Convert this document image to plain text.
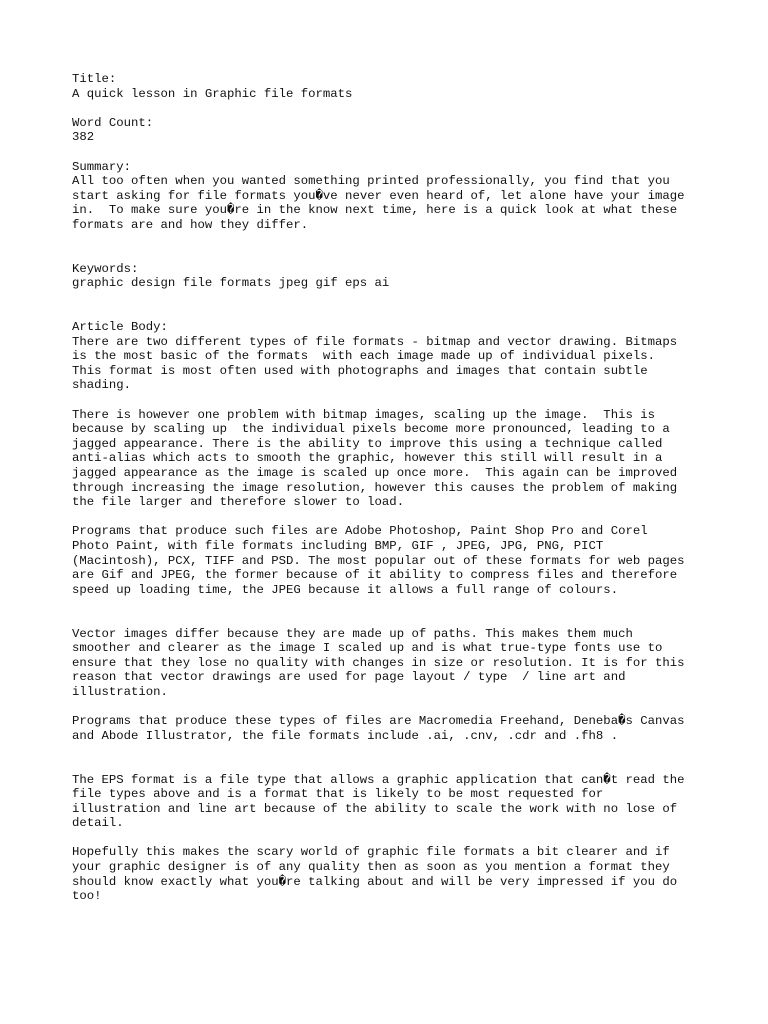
Title:
A quick lesson in Graphic file formats
Word Count:
382
Summary:
All too often when you wanted something printed professionally, you find that you
start asking for file formats you�ve never even heard of, let alone have your image
in.  To make sure you�re in the know next time, here is a quick look at what these
formats are and how they differ.
Keywords:
graphic design file formats jpeg gif eps ai
Article Body:
There are two different types of file formats - bitmap and vector drawing. Bitmaps
is the most basic of the formats  with each image made up of individual pixels.
This format is most often used with photographs and images that contain subtle
shading.
There is however one problem with bitmap images, scaling up the image.  This is
because by scaling up  the individual pixels become more pronounced, leading to a
jagged appearance. There is the ability to improve this using a technique called
anti-alias which acts to smooth the graphic, however this still will result in a
jagged appearance as the image is scaled up once more.  This again can be improved
through increasing the image resolution, however this causes the problem of making
the file larger and therefore slower to load.
Programs that produce such files are Adobe Photoshop, Paint Shop Pro and Corel
Photo Paint, with file formats including BMP, GIF , JPEG, JPG, PNG, PICT
(Macintosh), PCX, TIFF and PSD. The most popular out of these formats for web pages
are Gif and JPEG, the former because of it ability to compress files and therefore
speed up loading time, the JPEG because it allows a full range of colours.
Vector images differ because they are made up of paths. This makes them much
smoother and clearer as the image I scaled up and is what true-type fonts use to
ensure that they lose no quality with changes in size or resolution. It is for this
reason that vector drawings are used for page layout / type  / line art and
illustration.
Programs that produce these types of files are Macromedia Freehand, Deneba�s Canvas
and Abode Illustrator, the file formats include .ai, .cnv, .cdr and .fh8 .
The EPS format is a file type that allows a graphic application that can�t read the
file types above and is a format that is likely to be most requested for
illustration and line art because of the ability to scale the work with no lose of
detail.
Hopefully this makes the scary world of graphic file formats a bit clearer and if
your graphic designer is of any quality then as soon as you mention a format they
should know exactly what you�re talking about and will be very impressed if you do
too!
